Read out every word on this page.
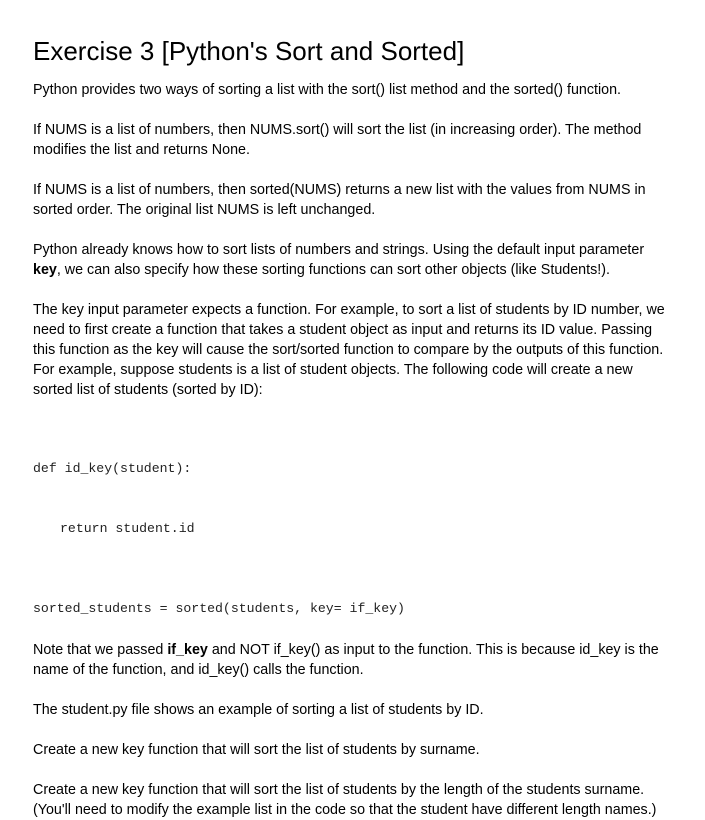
Exercise 3 [Python's Sort and Sorted]

Python provides two ways of sorting a list with the sort() list method and the sorted() function.

If NUMS is a list of numbers, then NUMS.sort() will sort the list (in increasing order). The method modifies the list and returns None.

If NUMS is a list of numbers, then sorted(NUMS) returns a new list with the values from NUMS in sorted order. The original list NUMS is left unchanged.

Python already knows how to sort lists of numbers and strings. Using the default input parameter key, we can also specify how these sorting functions can sort other objects (like Students!).

The key input parameter expects a function. For example, to sort a list of students by ID number, we need to first create a function that takes a student object as input and returns its ID value. Passing this function as the key will cause the sort/sorted function to compare by the outputs of this function. For example, suppose students is a list of student objects. The following code will create a new sorted list of students (sorted by ID):

def id_key(student):

return student.id

sorted_students = sorted(students, key= if_key)

Note that we passed if_key and NOT if_key() as input to the function. This is because id_key is the name of the function, and id_key() calls the function.

The student.py file shows an example of sorting a list of students by ID.

Create a new key function that will sort the list of students by surname.

Create a new key function that will sort the list of students by the length of the students surname. (You'll need to modify the example list in the code so that the student have different length names.)
